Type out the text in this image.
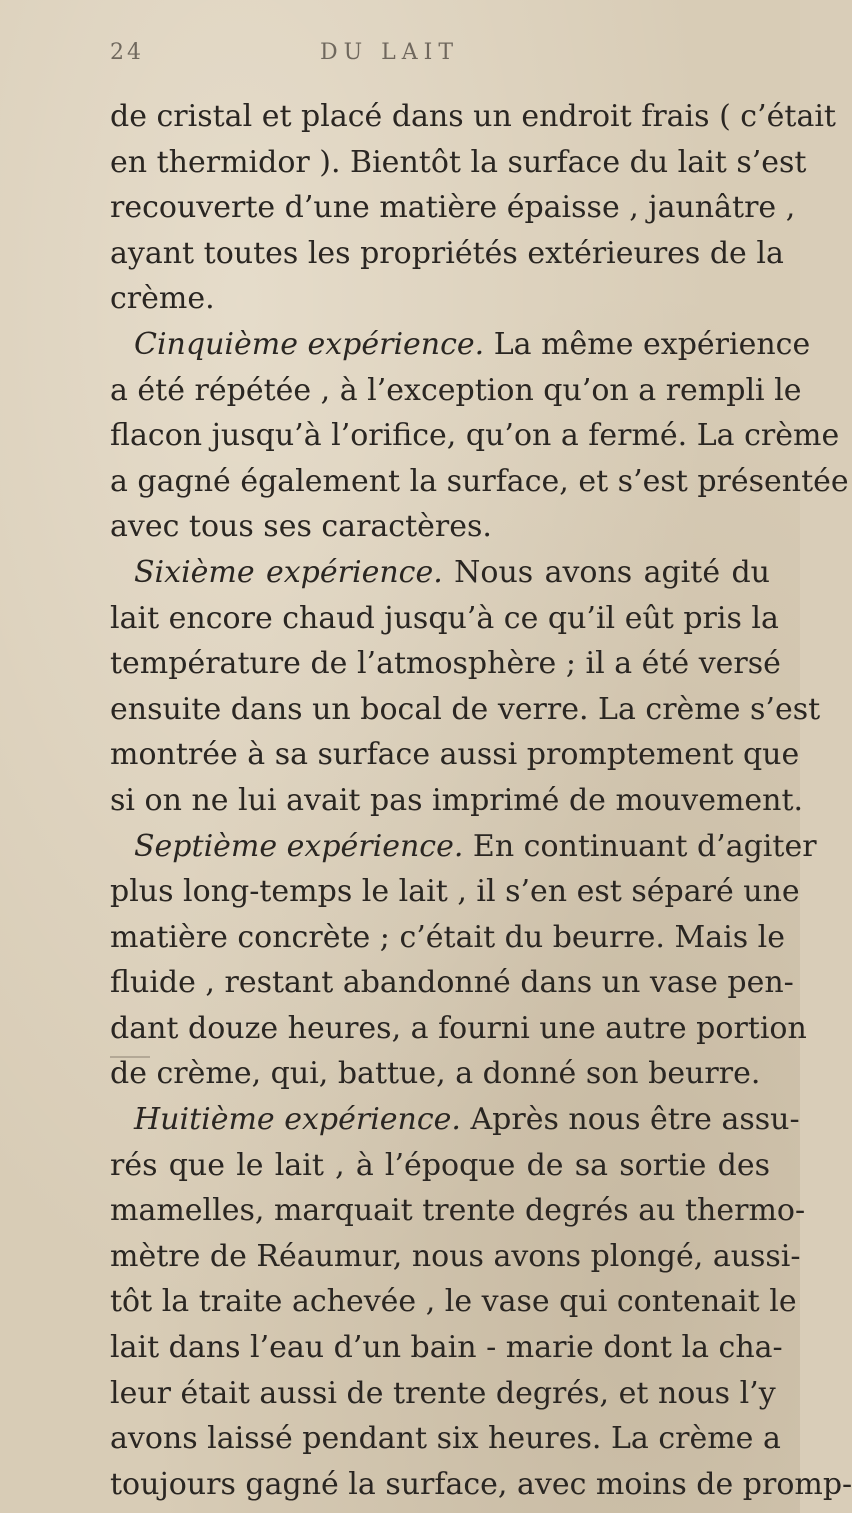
24	DU LAIT
de cristal et placé dans un endroit frais ( c’était
en thermidor ). Bientôt la surface du lait s’est
recouverte d’une matière épaisse , jaunâtre ,
ayant toutes les propriétés extérieures de la
crème.
Cinquième expérience. La même expérience
a été répétée , à l’exception qu’on a rempli le
flacon jusqu’à l’orifice, qu’on a fermé. La crème
a gagné également la surface, et s’est présentée
avec tous ses caractères.
Sixième expérience. Nous avons agité du
lait encore chaud jusqu’à ce qu’il eût pris la
température de l’atmosphère ; il a été versé
ensuite dans un bocal de verre. La crème s’est
montrée à sa surface aussi promptement que
si on ne lui avait pas imprimé de mouvement.
Septième expérience. En continuant d’agiter
plus long-temps le lait , il s’en est séparé une
matière concrète ; c’était du beurre. Mais le
fluide , restant abandonné dans un vase pen-
dant douze heures, a fourni une autre portion
de crème, qui, battue, a donné son beurre.
Huitième expérience. Après nous être assu-
rés que le lait , à l’époque de sa sortie des
mamelles, marquait trente degrés au thermo-
mètre de Réaumur, nous avons plongé, aussi-
tôt la traite achevée , le vase qui contenait le
lait dans l’eau d’un bain - marie dont la cha-
leur était aussi de trente degrés, et nous l’y
avons laissé pendant six heures. La crème a
toujours gagné la surface, avec moins de promp-
